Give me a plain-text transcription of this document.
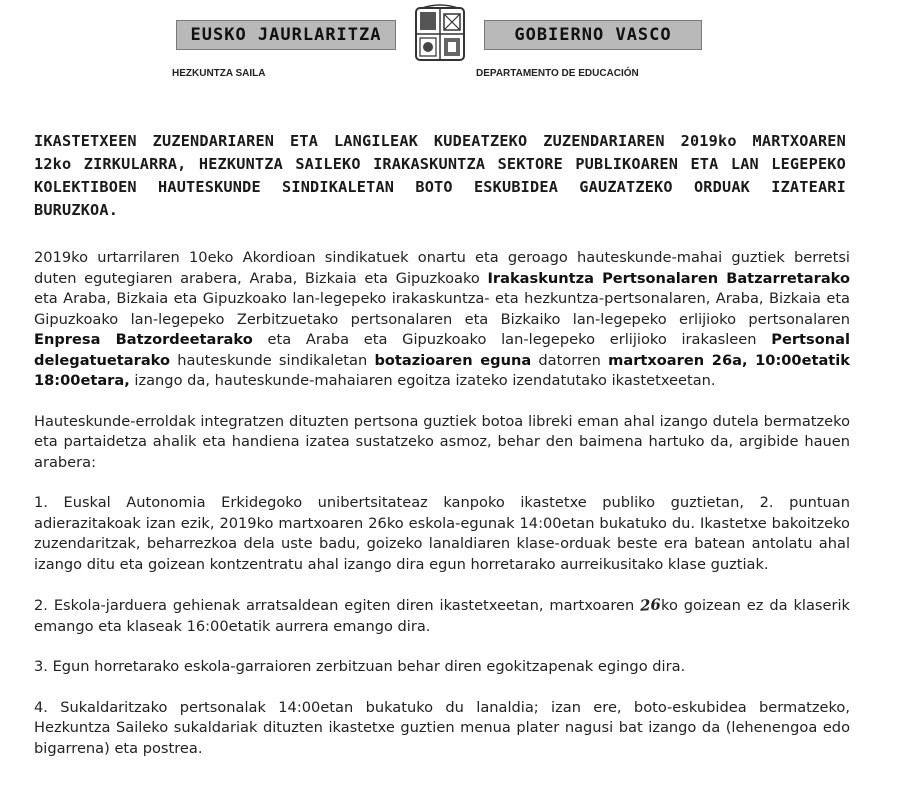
EUSKO JAURLARITZA	GOBIERNO VASCO
HEZKUNTZA SAILA	DEPARTAMENTO DE EDUCACIÓN
IKASTETXEEN ZUZENDARIAREN ETA LANGILEAK KUDEATZEKO ZUZENDARIAREN 2019ko MARTXOAREN 12ko ZIRKULARRA, HEZKUNTZA SAILEKO IRAKASKUNTZA SEKTORE PUBLIKOAREN ETA LAN LEGEPEKO KOLEKTIBOEN HAUTESKUNDE SINDIKALETAN BOTO ESKUBIDEA GAUZATZEKO ORDUAK IZATEARI BURUZKOA.

2019ko urtarrilaren 10eko Akordioan sindikatuek onartu eta geroago hauteskunde-mahai guztiek berretsi duten egutegiaren arabera, Araba, Bizkaia eta Gipuzkoako Irakaskuntza Pertsonalaren Batzarretarako eta Araba, Bizkaia eta Gipuzkoako lan-legepeko irakaskuntza- eta hezkuntza-pertsonalaren, Araba, Bizkaia eta Gipuzkoako lan-legepeko Zerbitzuetako pertsonalaren eta Bizkaiko lan-legepeko erlijioko pertsonalaren Enpresa Batzordeetarako eta Araba eta Gipuzkoako lan-legepeko erlijioko irakasleen Pertsonal delegatuetarako hauteskunde sindikaletan botazioaren eguna datorren martxoaren 26a, 10:00etatik 18:00etara, izango da, hauteskunde-mahaiaren egoitza izateko izendatutako ikastetxeetan.

Hauteskunde-erroldak integratzen dituzten pertsona guztiek botoa libreki eman ahal izango dutela bermatzeko eta partaidetza ahalik eta handiena izatea sustatzeko asmoz, behar den baimena hartuko da, argibide hauen arabera:

1. Euskal Autonomia Erkidegoko unibertsitateaz kanpoko ikastetxe publiko guztietan, 2. puntuan adierazitakoak izan ezik, 2019ko martxoaren 26ko eskola-egunak 14:00etan bukatuko du. Ikastetxe bakoitzeko zuzendaritzak, beharrezkoa dela uste badu, goizeko lanaldiaren klase-orduak beste era batean antolatu ahal izango ditu eta goizean kontzentratu ahal izango dira egun horretarako aurreikusitako klase guztiak.

2. Eskola-jarduera gehienak arratsaldean egiten diren ikastetxeetan, martxoaren 26ko goizean ez da klaserik emango eta klaseak 16:00etatik aurrera emango dira.

3. Egun horretarako eskola-garraioren zerbitzuan behar diren egokitzapenak egingo dira.

4. Sukaldaritzako pertsonalak 14:00etan bukatuko du lanaldia; izan ere, boto-eskubidea bermatzeko, Hezkuntza Saileko sukaldariak dituzten ikastetxe guztien menua plater nagusi bat izango da (lehenengoa edo bigarrena) eta postrea.
